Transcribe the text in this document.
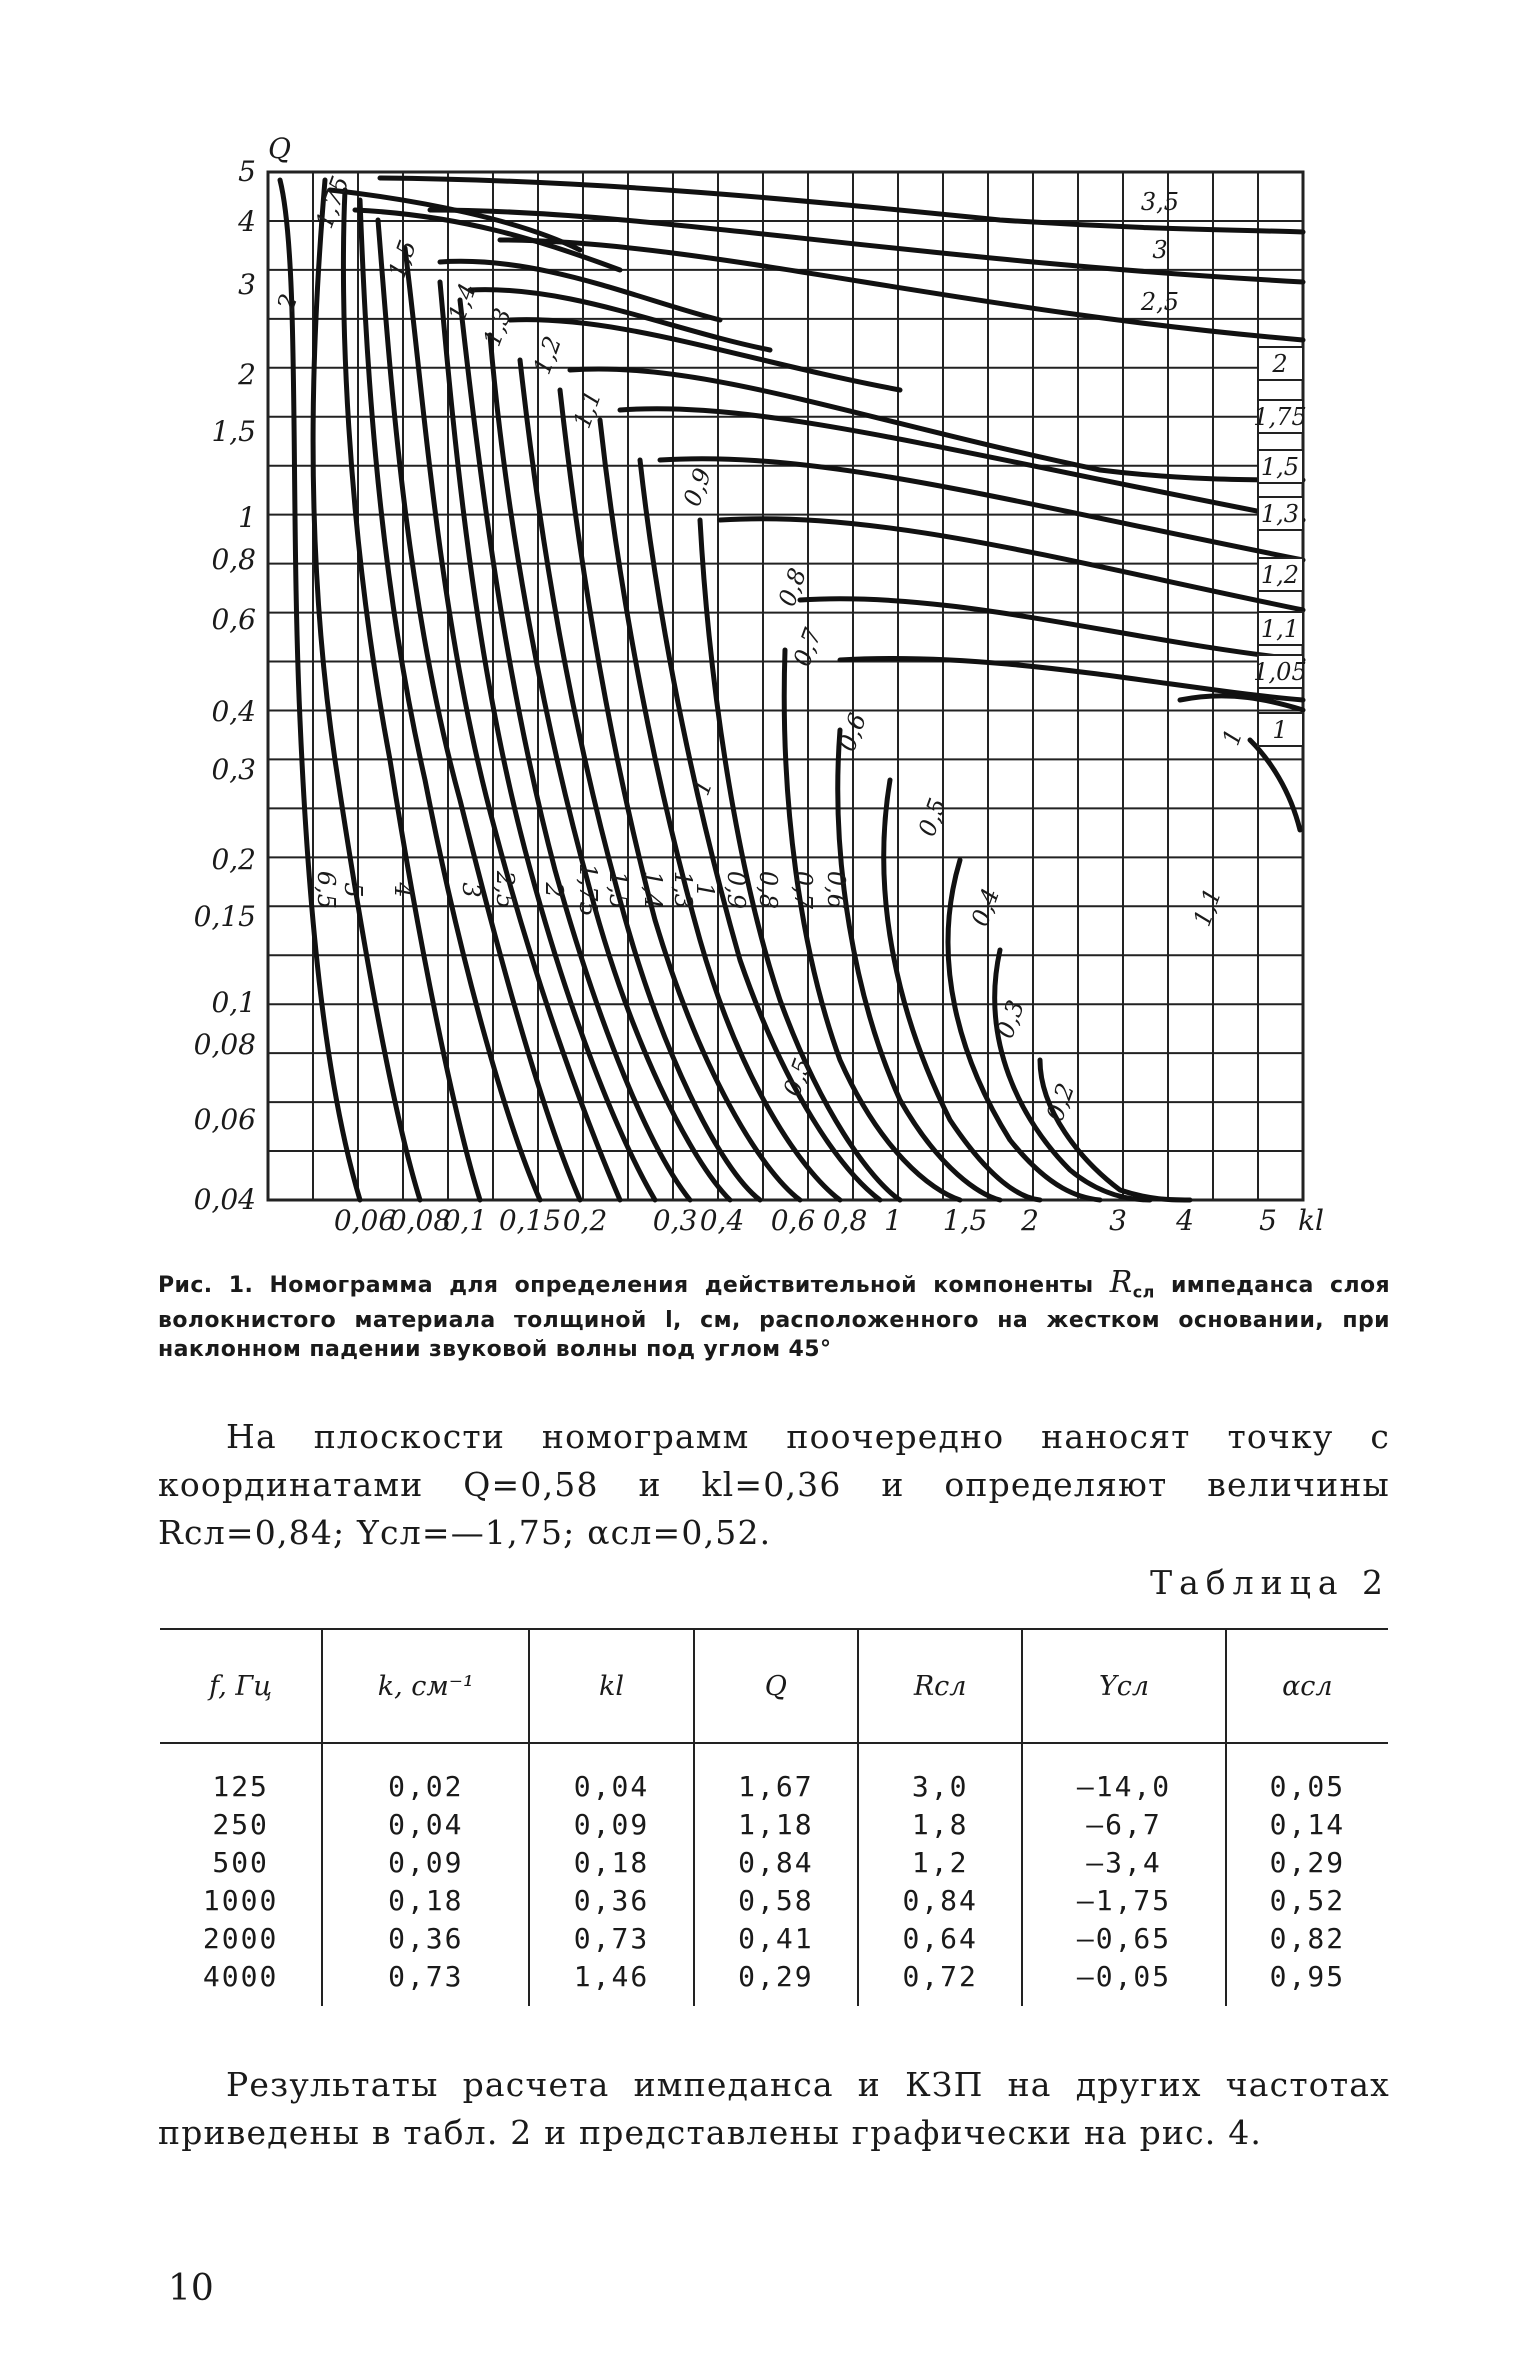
5
4
3
2
1,5
1
0,8
0,6
0,4
0,3
0,2
0,15
0,1
0,08
0,06
0,04
0,06
0,08
0,1 0,15 0,2 0,3 0,4 0,6 0,8 1 1,5 2	3 4 5
3,5
3
2,5
2
1,75
1,5
1,3
1,2
1,1
1,05
1
6,5 5 4 3 2,5 2 1,75 1,5 1,4 1,3
1 0,9 0,8 0,7 0,6
1,75
1,5
1,4
1,3
1,2
1,1
0,9
0,8
0,7
0,6
0,5
0,4
0,3
0,2
0,5
1
1,1
1
2
Q
kl
Рис. 1. Номограмма для определения действительной компоненты $R_{сл}$ импеданса слоя волокнистого материала толщиной l, см, расположенного на жестком основании, при наклонном падении звуковой волны под углом 45°
На плоскости номограмм поочередно наносят точку с координатами Q=0,58 и kl=0,36 и определяют величины Rсл=0,84; Yсл=—1,75; αсл=0,52.
Таблица 2
f, Гц	k, см⁻¹	kl	Q	Rсл	Yсл	αсл
125	0,02	0,04	1,67	3,0	—14,0	0,05
250	0,04	0,09	1,18	1,8	—6,7	0,14
500	0,09	0,18	0,84	1,2	—3,4	0,29
1000	0,18	0,36	0,58	0,84	—1,75	0,52
2000	0,36	0,73	0,41	0,64	—0,65	0,82
4000	0,73	1,46	0,29	0,72	—0,05	0,95
Результаты расчета импеданса и КЗП на других частотах приведены в табл. 2 и представлены графически на рис. 4.
10
